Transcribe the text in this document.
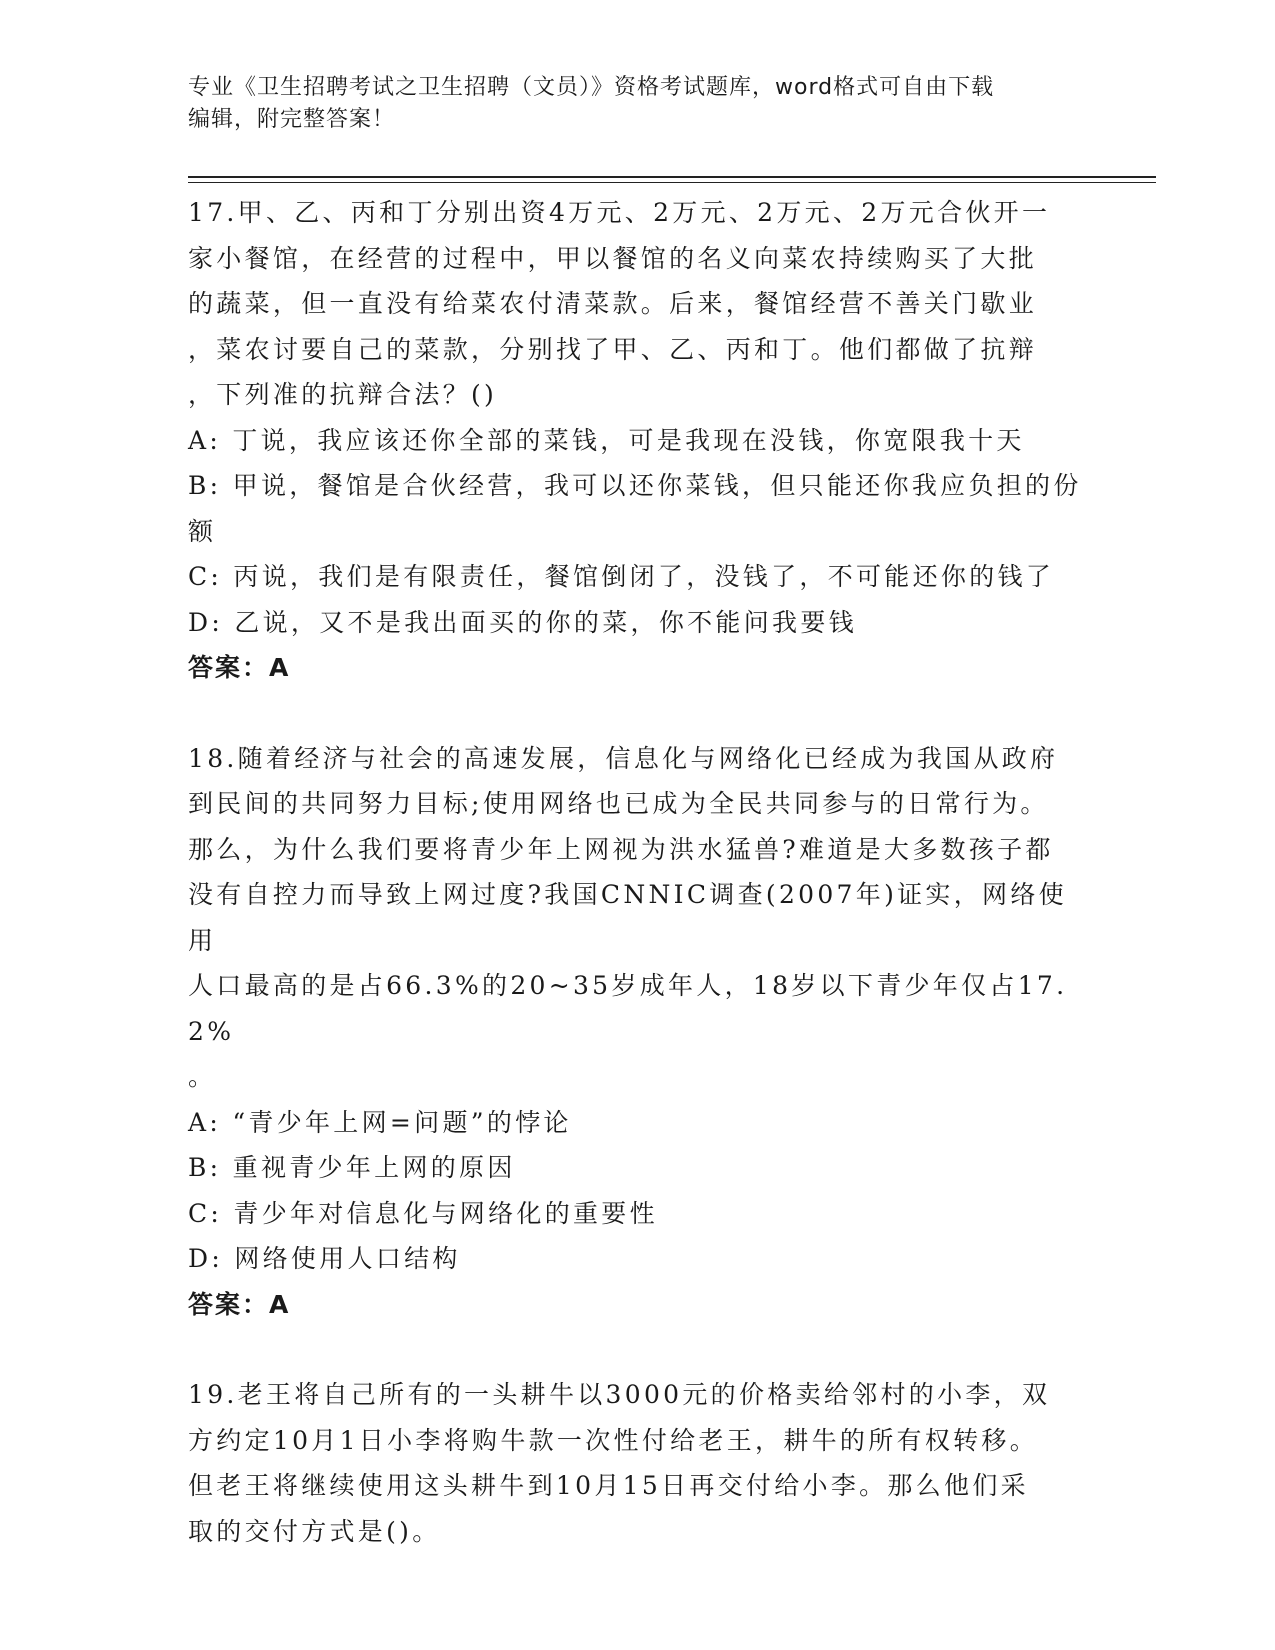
专业《卫生招聘考试之卫生招聘（文员）》资格考试题库，word格式可自由下载
编辑，附完整答案！
17.甲、乙、丙和丁分别出资4万元、2万元、2万元、2万元合伙开一
家小餐馆，在经营的过程中，甲以餐馆的名义向菜农持续购买了大批
的蔬菜，但一直没有给菜农付清菜款。后来，餐馆经营不善关门歇业
，菜农讨要自己的菜款，分别找了甲、乙、丙和丁。他们都做了抗辩
，下列准的抗辩合法？()
A: 丁说，我应该还你全部的菜钱，可是我现在没钱，你宽限我十天
B: 甲说，餐馆是合伙经营，我可以还你菜钱，但只能还你我应负担的份额
C: 丙说，我们是有限责任，餐馆倒闭了，没钱了，不可能还你的钱了
D: 乙说，又不是我出面买的你的菜，你不能问我要钱
答案：A
18.随着经济与社会的高速发展，信息化与网络化已经成为我国从政府
到民间的共同努力目标;使用网络也已成为全民共同参与的日常行为。
那么，为什么我们要将青少年上网视为洪水猛兽?难道是大多数孩子都
没有自控力而导致上网过度?我国CNNIC调查(2007年)证实，网络使用
人口最高的是占66.3%的20~35岁成年人，18岁以下青少年仅占17.2%
。
A: “青少年上网=问题”的悖论
B: 重视青少年上网的原因
C: 青少年对信息化与网络化的重要性
D: 网络使用人口结构
答案：A
19.老王将自己所有的一头耕牛以3000元的价格卖给邻村的小李，双
方约定10月1日小李将购牛款一次性付给老王，耕牛的所有权转移。
但老王将继续使用这头耕牛到10月15日再交付给小李。那么他们采
取的交付方式是()。
